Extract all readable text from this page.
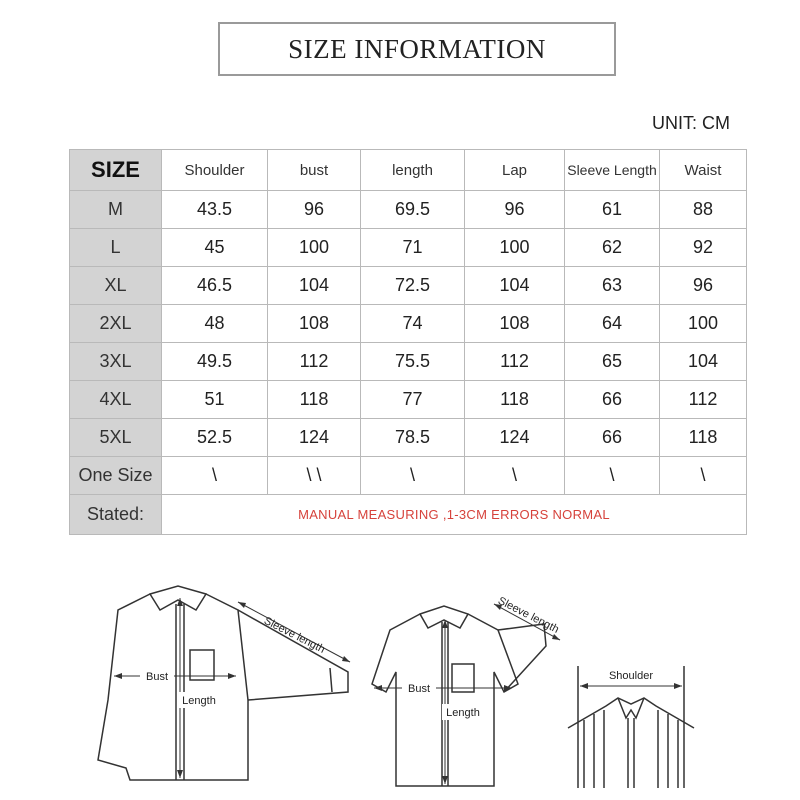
SIZE INFORMATION
UNIT: CM
SIZE	Shoulder	bust	length	Lap	Sleeve Length	Waist
M	43.5	96	69.5	96	61	88
L	45	100	71	100	62	92
XL	46.5	104	72.5	104	63	96
2XL	48	108	74	108	64	100
3XL	49.5	112	75.5	112	65	104
4XL	51	118	77	118	66	112
5XL	52.5	124	78.5	124	66	118
One Size	\	\ \	\	\	\	\
Stated:	MANUAL MEASURING ,1-3CM ERRORS NORMAL					
Sleeve length
Bust
Length
Sleeve length
Bust
Length
Shoulder
